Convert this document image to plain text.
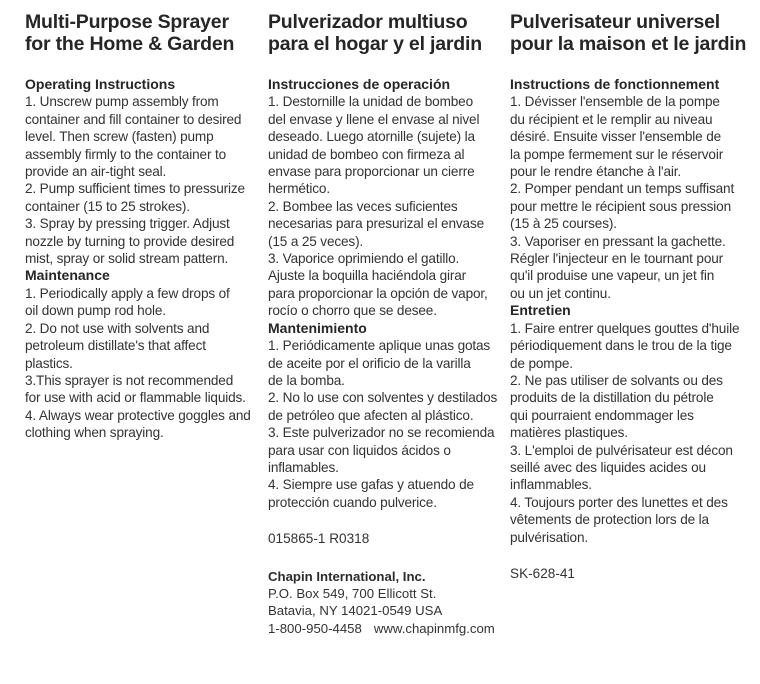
Multi-Purpose Sprayer
for the Home & Garden
Operating Instructions

1. Unscrew pump assembly from
container and fill container to desired
level. Then screw (fasten) pump
assembly firmly to the container to
provide an air-tight seal.

2. Pump sufficient times to pressurize
container (15 to 25 strokes).

3. Spray by pressing trigger. Adjust
nozzle by turning to provide desired
mist, spray or solid stream pattern.

Maintenance

1. Periodically apply a few drops of
oil down pump rod hole.

2. Do not use with solvents and
petroleum distillate's that affect
plastics.

3.This sprayer is not recommended
for use with acid or flammable liquids.

4. Always wear protective goggles and
clothing when spraying.

Pulverizador multiuso
para el hogar y el jardin
Instrucciones de operación

1. Destornille la unidad de bombeo
del envase y llene el envase al nivel
deseado. Luego atornille (sujete) la
unidad de bombeo con firmeza al
envase para proporcionar un cierre
hermético.

2. Bombee las veces suficientes
necesarias para presurizal el envase
(15 a 25 veces).

3. Vaporice oprimiendo el gatillo.
Ajuste la boquilla haciéndola girar
para proporcionar la opción de vapor,
rocío o chorro que se desee.

Mantenimiento

1. Periódicamente aplique unas gotas
de aceite por el orificio de la varilla
de la bomba.

2. No lo use con solventes y destilados
de petróleo que afecten al plástico.

3. Este pulverizador no se recomienda
para usar con liquidos ácidos o
inflamables.

4. Siempre use gafas y atuendo de
protección cuando pulverice.

015865-1 R0318

Chapin International, Inc.
P.O. Box 549, 700 Ellicott St.
Batavia, NY 14021-0549 USA
1-800-950-4458 www.chapinmfg.com
Pulverisateur universel
pour la maison et le jardin
Instructions de fonctionnement

1. Dévisser l'ensemble de la pompe
du récipient et le remplir au niveau
désiré. Ensuite visser l'ensemble de
la pompe fermement sur le réservoir
pour le rendre étanche à l'air.

2. Pomper pendant un temps suffisant
pour mettre le récipient sous pression
(15 à 25 courses).

3. Vaporiser en pressant la gachette.
Régler l'injecteur en le tournant pour
qu'il produise une vapeur, un jet fin
ou un jet continu.

Entretien

1. Faire entrer quelques gouttes d'huile
périodiquement dans le trou de la tige
de pompe.

2. Ne pas utiliser de solvants ou des
produits de la distillation du pétrole
qui pourraient endommager les
matières plastiques.

3. L'emploi de pulvérisateur est décon
seillé avec des liquides acides ou
inflammables.

4. Toujours porter des lunettes et des
vêtements de protection lors de la
pulvérisation.

SK-628-41
